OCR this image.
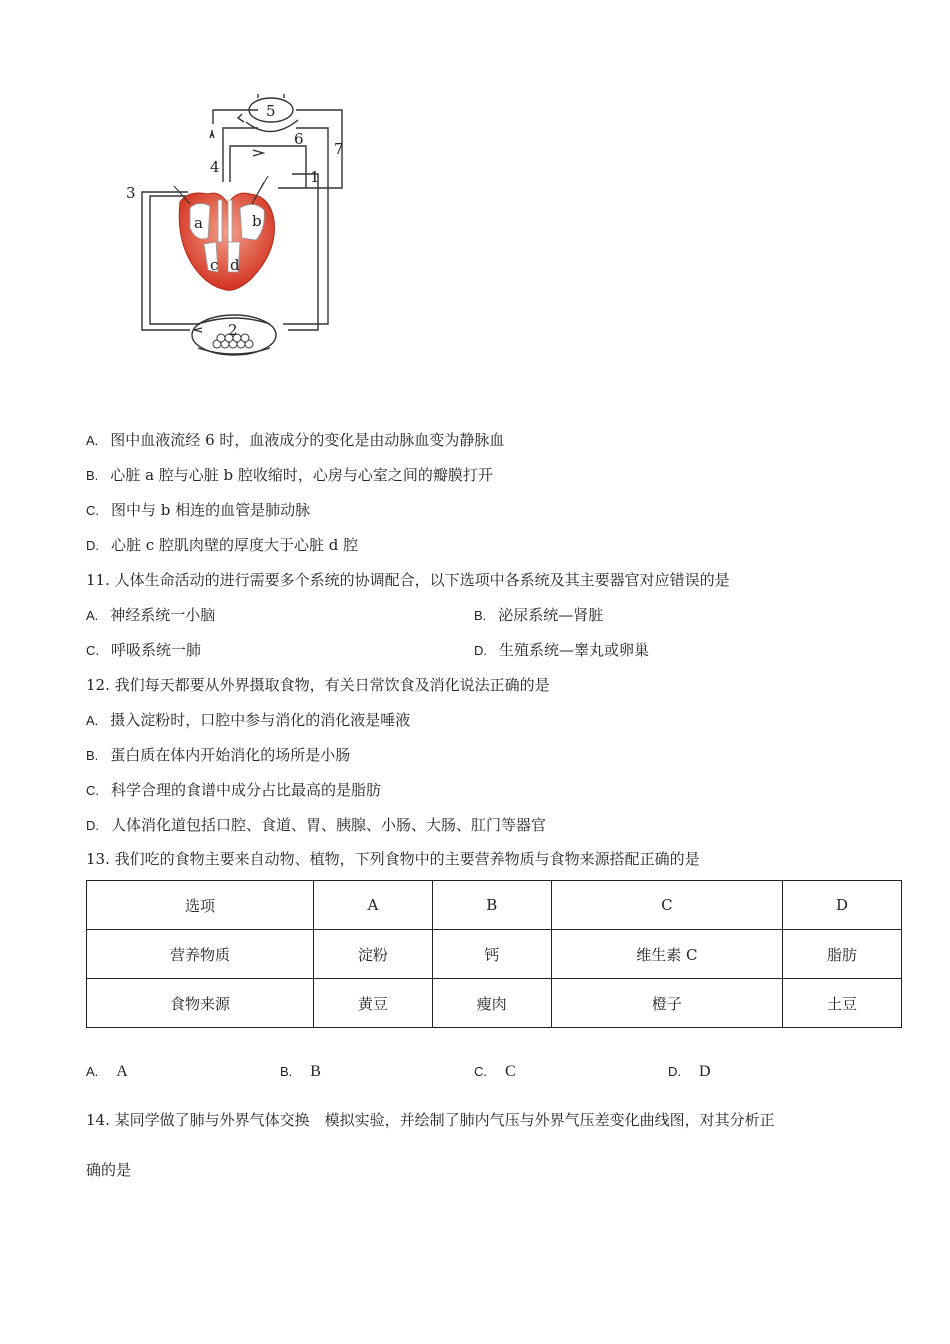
1
2
3
4
5
6
7
a	b
c d
A. 图中血液流经 6 时，血液成分的变化是由动脉血变为静脉血
B. 心脏 a 腔与心脏 b 腔收缩时，心房与心室之间的瓣膜打开
C. 图中与 b 相连的血管是肺动脉
D. 心脏 c 腔肌肉壁的厚度大于心脏 d 腔
11. 人体生命活动的进行需要多个系统的协调配合，以下选项中各系统及其主要器官对应错误的是
A. 神经系统一小脑	B. 泌尿系统—肾脏
C. 呼吸系统一肺	D. 生殖系统—睾丸或卵巢
12. 我们每天都要从外界摄取食物，有关日常饮食及消化说法正确的是
A. 摄入淀粉时，口腔中参与消化的消化液是唾液
B. 蛋白质在体内开始消化的场所是小肠
C. 科学合理的食谱中成分占比最高的是脂肪
D. 人体消化道包括口腔、食道、胃、胰腺、小肠、大肠、肛门等器官
13. 我们吃的食物主要来自动物、植物，下列食物中的主要营养物质与食物来源搭配正确的是
选项	A	B	C	D
营养物质	淀粉	钙	维生素 C	脂肪
食物来源	黄豆	瘦肉	橙子	土豆
A. A	B. B	C. C	D. D
14. 某同学做了肺与外界气体交换　模拟实验，并绘制了肺内气压与外界气压差变化曲线图，对其分析正
确的是
